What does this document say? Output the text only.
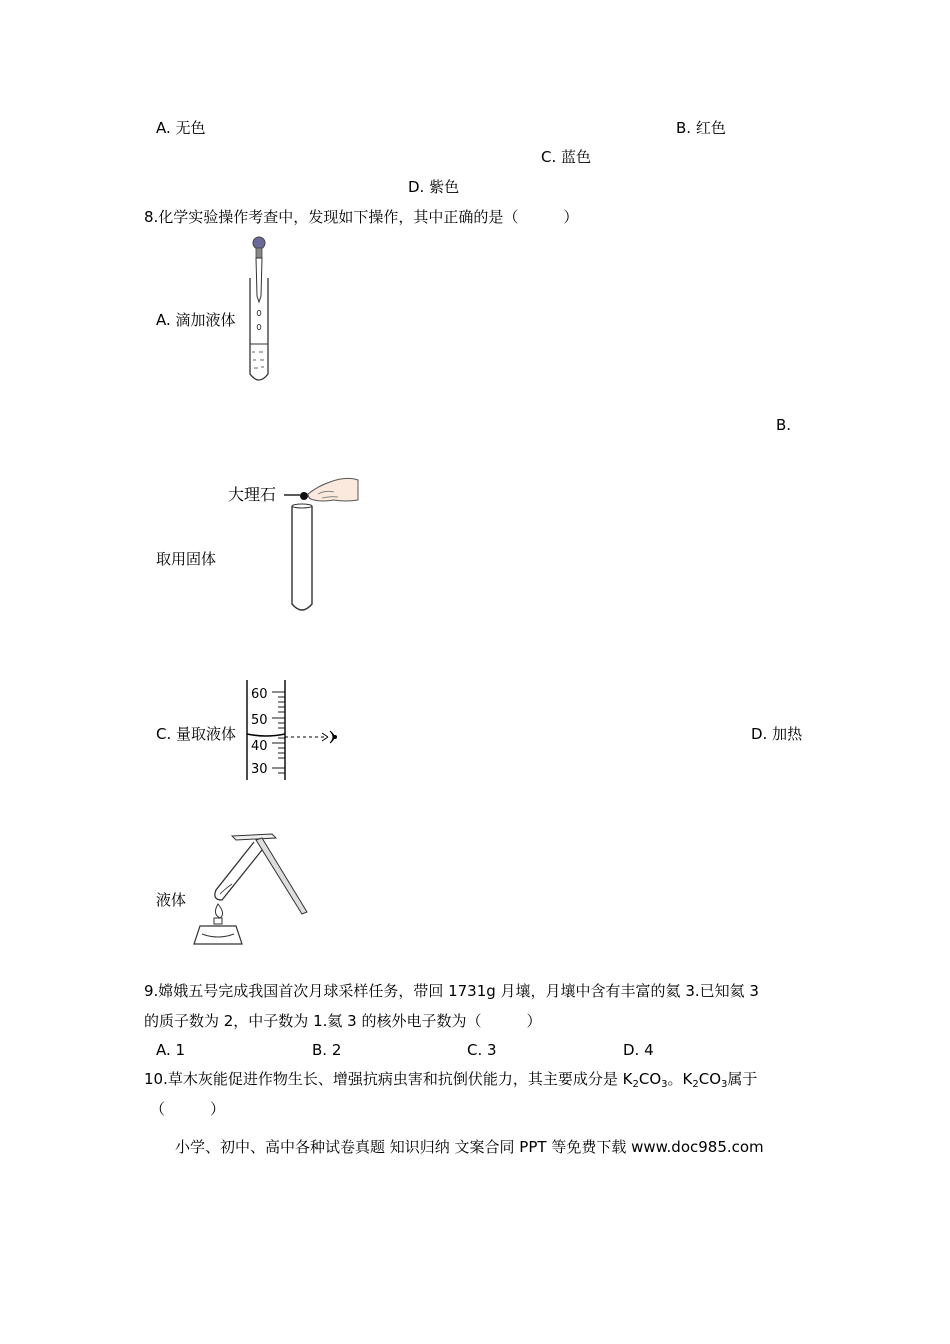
A. 无色	B. 红色
C. 蓝色
D. 紫色
8.化学实验操作考查中，发现如下操作，其中正确的是（　　　）
A. 滴加液体
B.
大理石
取用固体
60
50
40
30
C. 量取液体	D. 加热
液体
9.嫦娥五号完成我国首次月球采样任务，带回 1731g 月壤，月壤中含有丰富的氦 3.已知氦 3
的质子数为 2，中子数为 1.氦 3 的核外电子数为（　　　）
A. 1	B. 2	C. 3	D. 4
10.草木灰能促进作物生长、增强抗病虫害和抗倒伏能力，其主要成分是 $K_2CO_3$。$K_2CO_3$属于
（　　　）
小学、初中、高中各种试卷真题 知识归纳 文案合同 PPT 等免费下载 www.doc985.com
